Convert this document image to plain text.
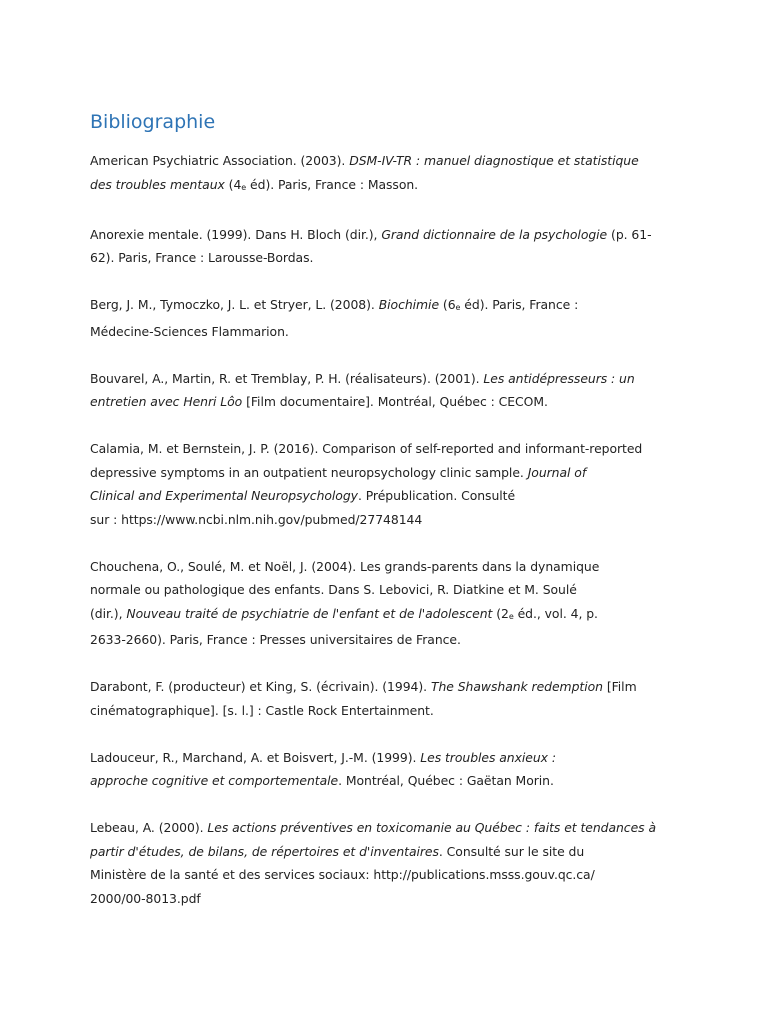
Bibliographie
American Psychiatric Association. (2003). DSM-IV-TR : manuel diagnostique et statistique
des troubles mentaux (4e éd). Paris, France : Masson.
Anorexie mentale. (1999). Dans H. Bloch (dir.), Grand dictionnaire de la psychologie (p. 61-
62). Paris, France : Larousse-Bordas.
Berg, J. M., Tymoczko, J. L. et Stryer, L. (2008). Biochimie (6e éd). Paris, France :
Médecine-Sciences Flammarion.
Bouvarel, A., Martin, R. et Tremblay, P. H. (réalisateurs). (2001). Les antidépresseurs : un
entretien avec Henri Lôo [Film documentaire]. Montréal, Québec : CECOM.
Calamia, M. et Bernstein, J. P. (2016). Comparison of self-reported and informant-reported
depressive symptoms in an outpatient neuropsychology clinic sample. Journal of
Clinical and Experimental Neuropsychology. Prépublication. Consulté
sur : https://www.ncbi.nlm.nih.gov/pubmed/27748144
Chouchena, O., Soulé, M. et Noël, J. (2004). Les grands-parents dans la dynamique
normale ou pathologique des enfants. Dans S. Lebovici, R. Diatkine et M. Soulé
(dir.), Nouveau traité de psychiatrie de l'enfant et de l'adolescent (2e éd., vol. 4, p.
2633-2660). Paris, France : Presses universitaires de France.
Darabont, F. (producteur) et King, S. (écrivain). (1994). The Shawshank redemption [Film
cinématographique]. [s. l.] : Castle Rock Entertainment.
Ladouceur, R., Marchand, A. et Boisvert, J.-M. (1999). Les troubles anxieux :
approche cognitive et comportementale. Montréal, Québec : Gaëtan Morin.
Lebeau, A. (2000). Les actions préventives en toxicomanie au Québec : faits et tendances à
partir d'études, de bilans, de répertoires et d'inventaires. Consulté sur le site du
Ministère de la santé et des services sociaux: http://publications.msss.gouv.qc.ca/
2000/00-8013.pdf
